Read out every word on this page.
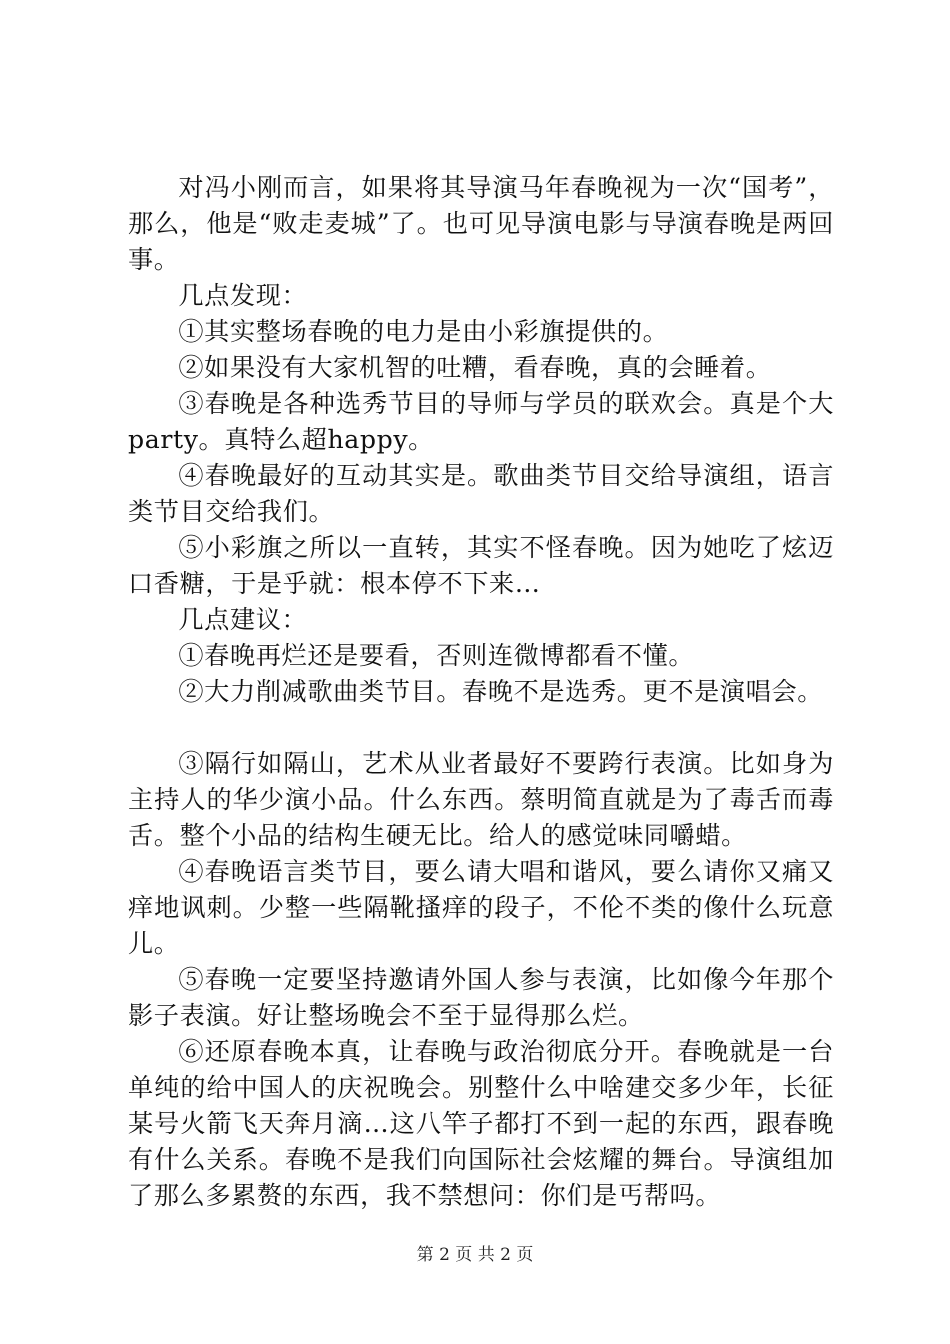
对冯小刚而言，如果将其导演马年春晚视为一次“国考”，那么，他是“败走麦城”了。也可见导演电影与导演春晚是两回事。

几点发现：

①其实整场春晚的电力是由小彩旗提供的。

②如果没有大家机智的吐糟，看春晚，真的会睡着。

③春晚是各种选秀节目的导师与学员的联欢会。真是个大party。真特么超happy。

④春晚最好的互动其实是。歌曲类节目交给导演组，语言类节目交给我们。

⑤小彩旗之所以一直转，其实不怪春晚。因为她吃了炫迈口香糖，于是乎就：根本停不下来…

几点建议：

①春晚再烂还是要看，否则连微博都看不懂。

②大力削减歌曲类节目。春晚不是选秀。更不是演唱会。

③隔行如隔山，艺术从业者最好不要跨行表演。比如身为主持人的华少演小品。什么东西。蔡明简直就是为了毒舌而毒舌。整个小品的结构生硬无比。给人的感觉味同嚼蜡。

④春晚语言类节目，要么请大唱和谐风，要么请你又痛又痒地讽刺。少整一些隔靴搔痒的段子，不伦不类的像什么玩意儿。

⑤春晚一定要坚持邀请外国人参与表演，比如像今年那个影子表演。好让整场晚会不至于显得那么烂。

⑥还原春晚本真，让春晚与政治彻底分开。春晚就是一台单纯的给中国人的庆祝晚会。别整什么中啥建交多少年，长征某号火箭飞天奔月滴…这八竿子都打不到一起的东西，跟春晚有什么关系。春晚不是我们向国际社会炫耀的舞台。导演组加了那么多累赘的东西，我不禁想问：你们是丐帮吗。

第 2 页 共 2 页
